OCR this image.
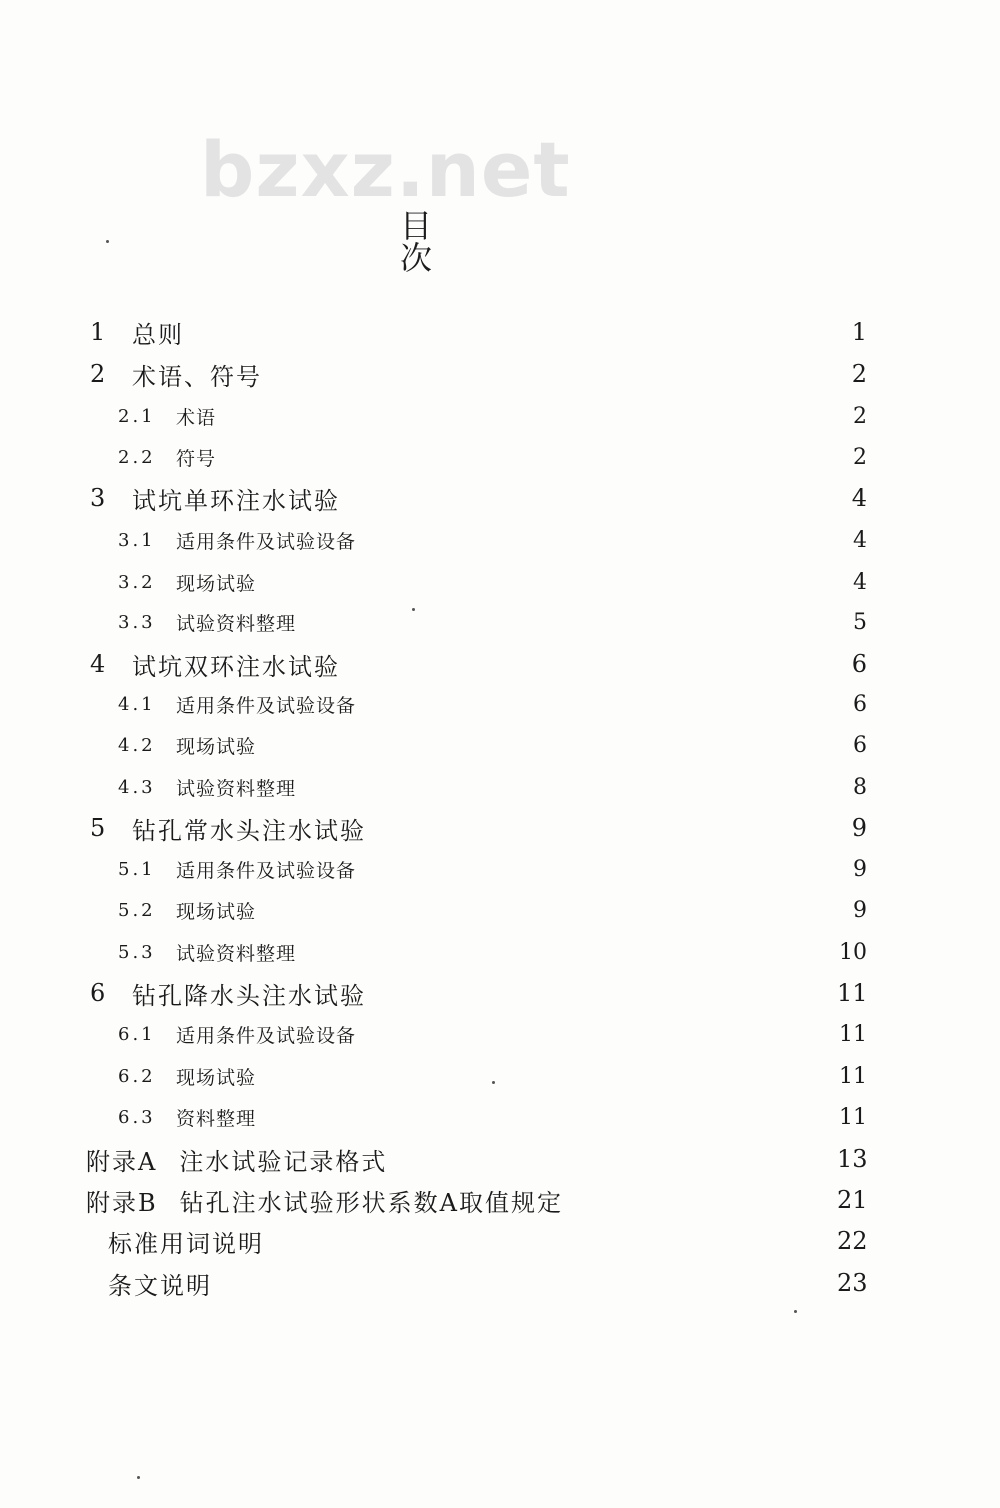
bzxz.net
目 次
1	总则	1
2	术语、符号	2
2.1	术语	2
2.2	符号	2
3	试坑单环注水试验	4
3.1	适用条件及试验设备	4
3.2	现场试验	4
3.3	试验资料整理	5
4	试坑双环注水试验	6
4.1	适用条件及试验设备	6
4.2	现场试验	6
4.3	试验资料整理	8
5	钻孔常水头注水试验	9
5.1	适用条件及试验设备	9
5.2	现场试验	9
5.3	试验资料整理	10
6	钻孔降水头注水试验	11
6.1	适用条件及试验设备	11
6.2	现场试验	11
6.3	资料整理	11
附录A 注水试验记录格式	13
附录B 钻孔注水试验形状系数A取值规定	21
标准用词说明	22
条文说明	23
